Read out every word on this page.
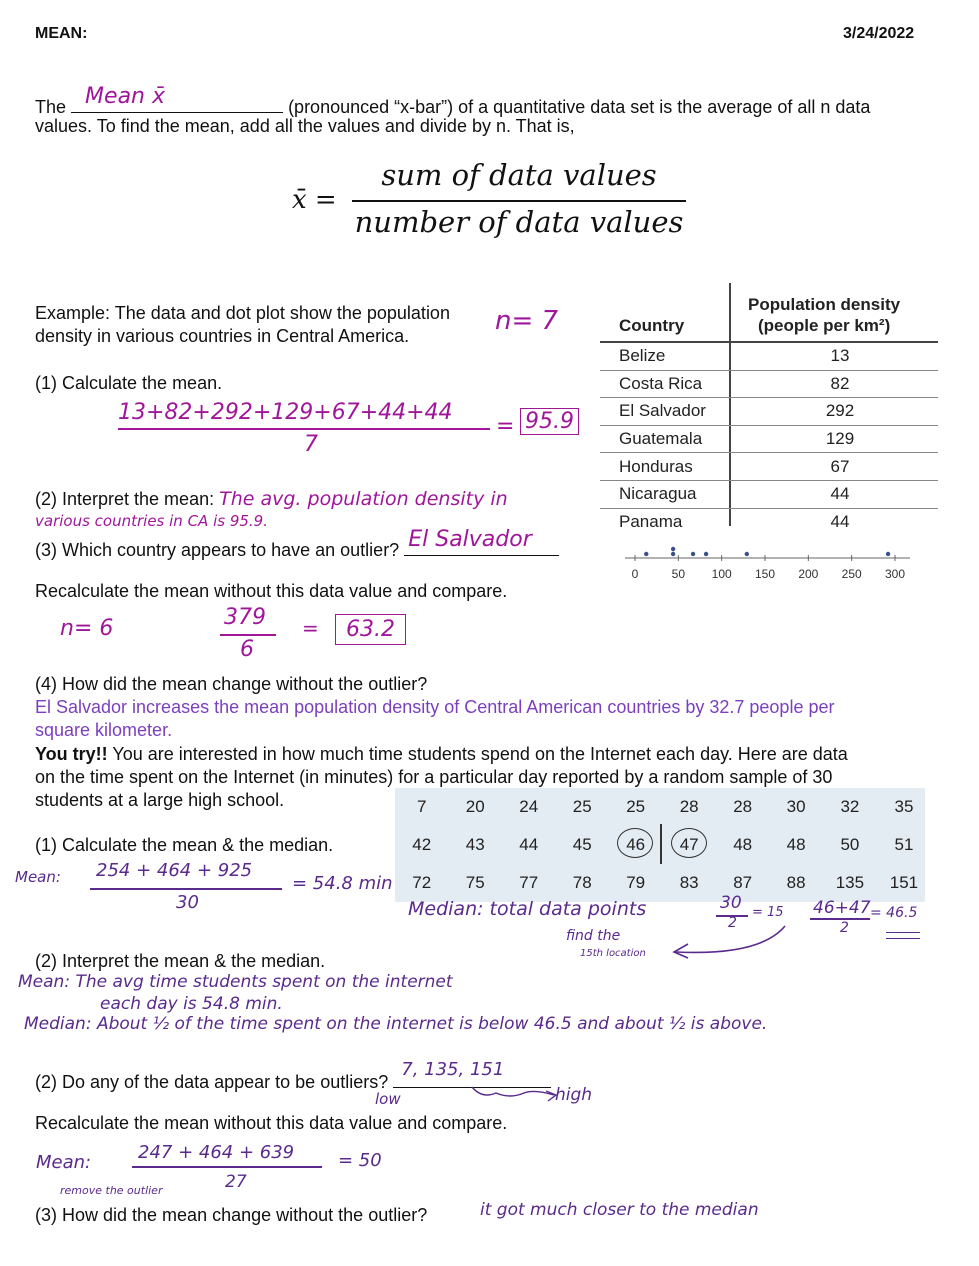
MEAN:	3/24/2022
The Mean x̄	(pronounced “x-bar”) of a quantitative data set is the average of all n data
values. To find the mean, add all the values and divide by n. That is,
x̄ =
sum of data values
number of data values
Example: The data and dot plot show the population
density in various countries in Central America.	n= 7
(1) Calculate the mean.
13+82+292+129+67+44+44
7
= 95.9
(2) Interpret the mean: The avg. population density in
various countries in CA is 95.9.
(3) Which country appears to have an outlier? El Salvador
Recalculate the mean without this data value and compare.
n= 6	379
6
=	63.2
(4) How did the mean change without the outlier?
El Salvador increases the mean population density of Central American countries by 32.7 people per
square kilometer.
Country
Population density
(people per km²)
Belize	13
Costa Rica	82
El Salvador	292
Guatemala	129
Honduras	67
Nicaragua	44
Panama	44
0	50 100 150 200 250 300
You try!! You are interested in how much time students spend on the Internet each day. Here are data
on the time spent on the Internet (in minutes) for a particular day reported by a random sample of 30
students at a large high school.	7	20	24	25	25	28	28	30	32	35
42	43	44	45	46	47	48	48	50	51
72	75	77	78	79	83	87	88	135	151
(1) Calculate the mean & the median.
Mean: 254 + 464 + 925
30
= 54.8 min
Median: total data points	30
2
= 15 46+47
2
= 46.5
find the
15th location
(2) Interpret the mean & the median.
Mean: The avg time students spent on the internet
each day is 54.8 min.
Median: About ½ of the time spent on the internet is below 46.5 and about ½ is above.
(2) Do any of the data appear to be outliers?
7, 135, 151
low	high
Recalculate the mean without this data value and compare.
Mean:	247 + 464 + 639 = 50
remove the outlier	27
(3) How did the mean change without the outlier?	it got much closer to the median
